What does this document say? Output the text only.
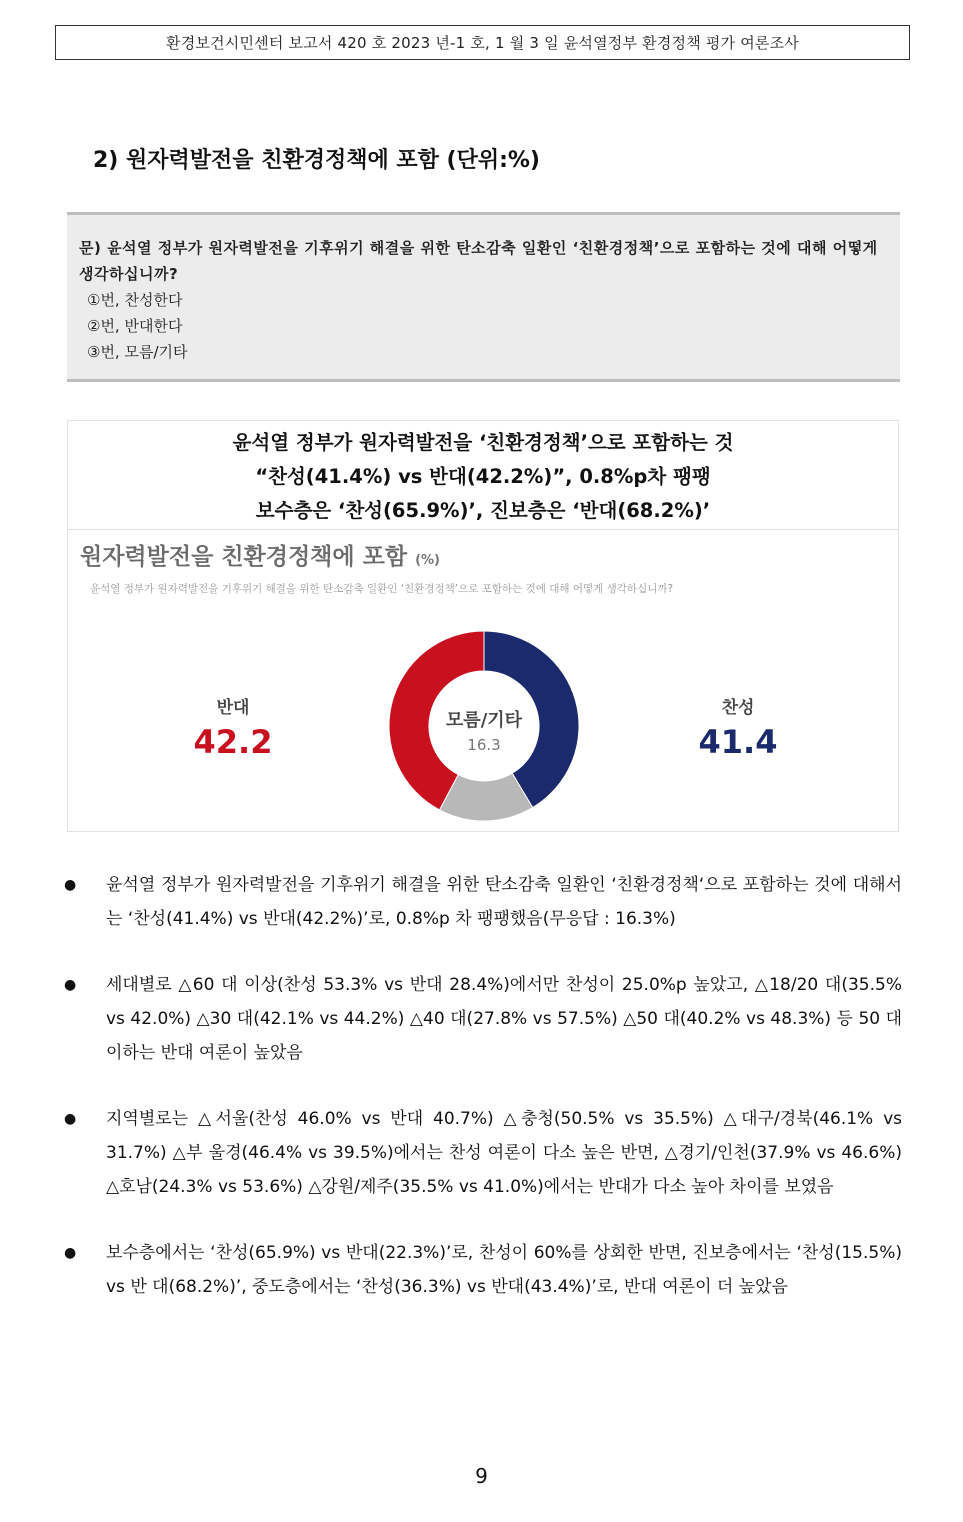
환경보건시민센터 보고서 420 호 2023 년-1 호, 1 월 3 일 윤석열정부 환경정책 평가 여론조사
2) 원자력발전을 친환경정책에 포함 (단위:%)
문) 윤석열 정부가 원자력발전을 기후위기 해결을 위한 탄소감축 일환인 ‘친환경정책’으로 포함하는 것에 대해 어떻게 생각하십니까?
①번, 찬성한다
②번, 반대한다
③번, 모름/기타
윤석열 정부가 원자력발전을 ‘친환경정책’으로 포함하는 것
“찬성(41.4%) vs 반대(42.2%)”, 0.8%p차 팽팽
보수층은 ‘찬성(65.9%)’, 진보층은 ‘반대(68.2%)’
원자력발전을 친환경정책에 포함 (%)
윤석열 정부가 원자력발전을 기후위기 해결을 위한 탄소감축 일환인 ‘친환경정책’으로 포함하는 것에 대해 어떻게 생각하십니까?
모름/기타
16.3
반대
42.2
찬성
41.4
●	윤석열 정부가 원자력발전을 기후위기 해결을 위한 탄소감축 일환인 ‘친환경정책‘으로 포함하는 것에 대해서 는 ‘찬성(41.4%) vs 반대(42.2%)’로, 0.8%p 차 팽팽했음(무응답 : 16.3%)
●	세대별로 △60 대 이상(찬성 53.3% vs 반대 28.4%)에서만 찬성이 25.0%p 높았고, △18/20 대(35.5% vs 42.0%) △30 대(42.1% vs 44.2%) △40 대(27.8% vs 57.5%) △50 대(40.2% vs 48.3%) 등 50 대 이하는 반대 여론이 높았음
●	지역별로는 △서울(찬성 46.0% vs 반대 40.7%) △충청(50.5% vs 35.5%) △대구/경북(46.1% vs 31.7%) △부 울경(46.4% vs 39.5%)에서는 찬성 여론이 다소 높은 반면, △경기/인천(37.9% vs 46.6%) △호남(24.3% vs 53.6%) △강원/제주(35.5% vs 41.0%)에서는 반대가 다소 높아 차이를 보였음
●	보수층에서는 ‘찬성(65.9%) vs 반대(22.3%)’로, 찬성이 60%를 상회한 반면, 진보층에서는 ‘찬성(15.5%) vs 반 대(68.2%)’, 중도층에서는 ‘찬성(36.3%) vs 반대(43.4%)’로, 반대 여론이 더 높았음
9
